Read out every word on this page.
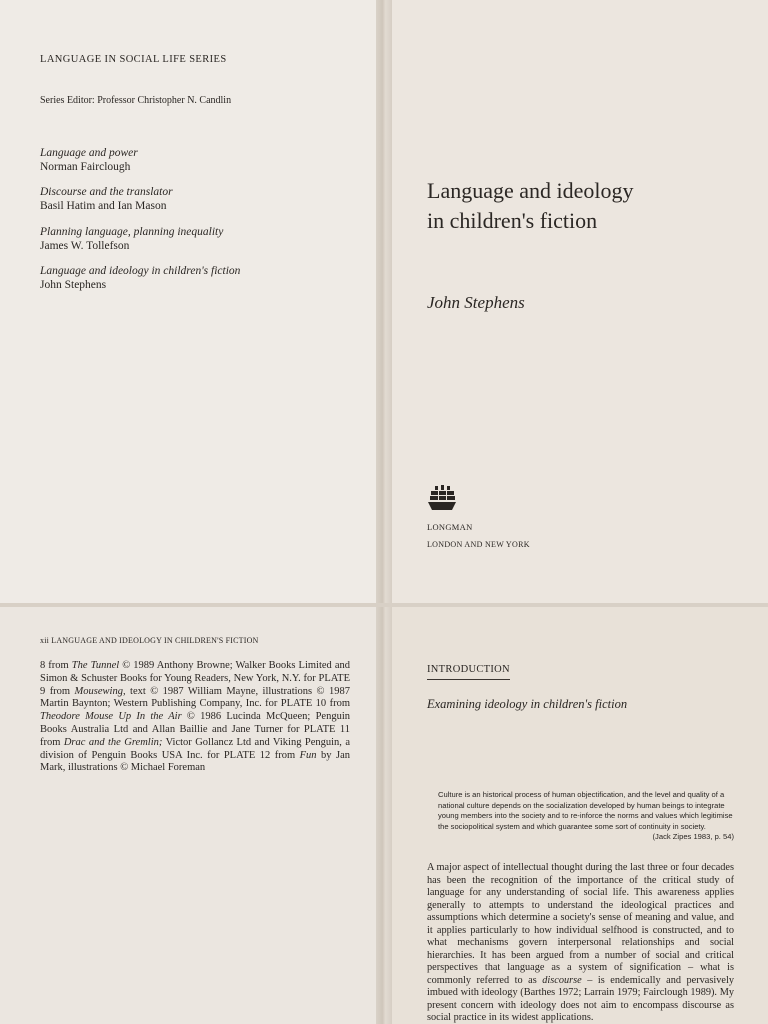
LANGUAGE IN SOCIAL LIFE SERIES
Series Editor: Professor Christopher N. Candlin
Language and power
Norman Fairclough
Discourse and the translator
Basil Hatim and Ian Mason
Planning language, planning inequality
James W. Tollefson
Language and ideology in children's fiction
John Stephens
Language and ideology
in children's fiction
John Stephens
LONGMAN
LONDON AND NEW YORK
xii LANGUAGE AND IDEOLOGY IN CHILDREN'S FICTION
8 from The Tunnel © 1989 Anthony Browne; Walker Books Limited and Simon & Schuster Books for Young Readers, New York, N.Y. for PLATE 9 from Mousewing, text © 1987 William Mayne, illustrations © 1987 Martin Baynton; Western Publishing Company, Inc. for PLATE 10 from Theodore Mouse Up In the Air © 1986 Lucinda McQueen; Penguin Books Australia Ltd and Allan Baillie and Jane Turner for PLATE 11 from Drac and the Gremlin; Victor Gollancz Ltd and Viking Penguin, a division of Penguin Books USA Inc. for PLATE 12 from Fun by Jan Mark, illustrations © Michael Foreman
INTRODUCTION
Examining ideology in children's fiction
Culture is an historical process of human objectification, and the level and quality of a national culture depends on the socialization developed by human beings to integrate young members into the society and to re-inforce the norms and values which legitimise the sociopolitical system and which guarantee some sort of continuity in society.
(Jack Zipes 1983, p. 54)
A major aspect of intellectual thought during the last three or four decades has been the recognition of the importance of the critical study of language for any understanding of social life. This awareness applies generally to attempts to understand the ideological practices and assumptions which determine a society's sense of meaning and value, and it applies particularly to how individual selfhood is constructed, and to what mechanisms govern interpersonal relationships and social hierarchies. It has been argued from a number of social and critical perspectives that language as a system of signification – what is commonly referred to as discourse – is endemically and pervasively imbued with ideology (Barthes 1972; Larrain 1979; Fairclough 1989). My present concern with ideology does not aim to encompass discourse as social practice in its widest applications.
